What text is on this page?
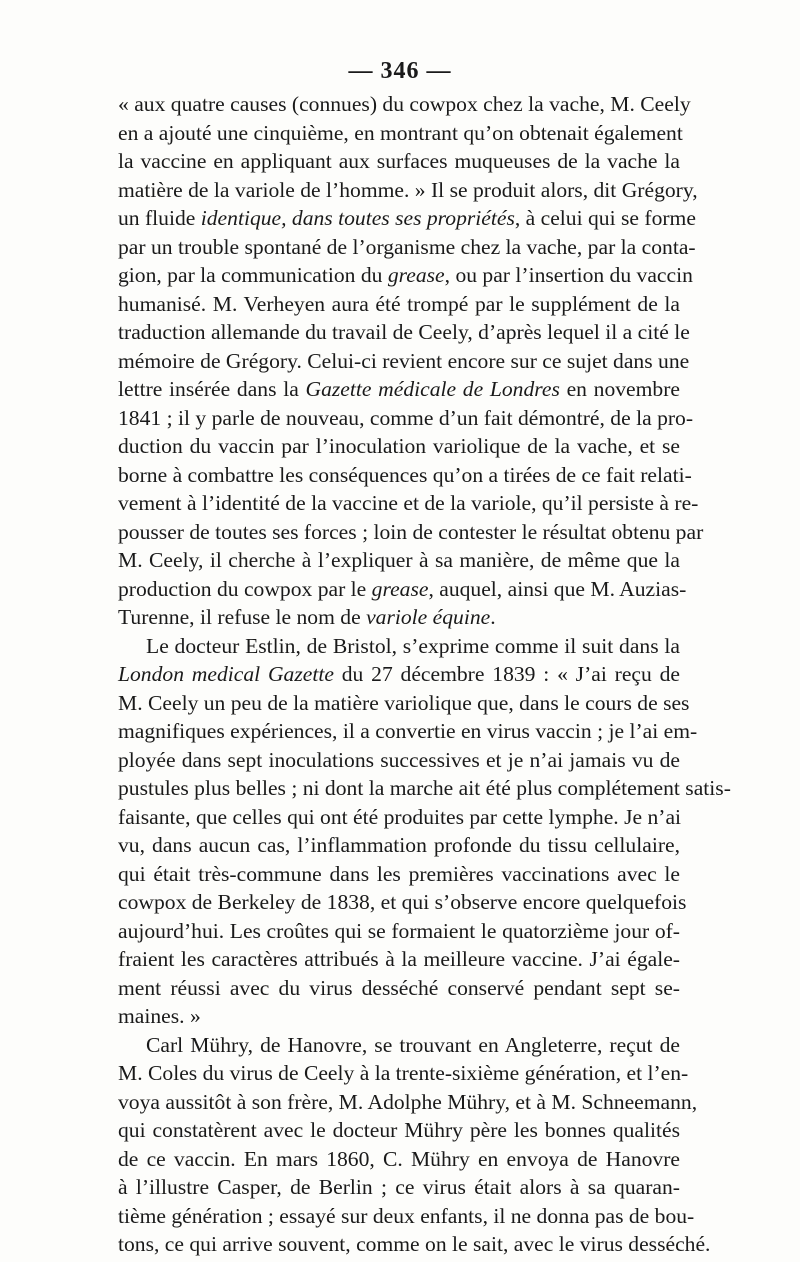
— 346 —
« aux quatre causes (connues) du cowpox chez la vache, M. Ceely
en a ajouté une cinquième, en montrant qu’on obtenait également
la vaccine en appliquant aux surfaces muqueuses de la vache la
matière de la variole de l’homme. » Il se produit alors, dit Grégory,
un fluide identique, dans toutes ses propriétés, à celui qui se forme
par un trouble spontané de l’organisme chez la vache, par la conta-
gion, par la communication du grease, ou par l’insertion du vaccin
humanisé. M. Verheyen aura été trompé par le supplément de la
traduction allemande du travail de Ceely, d’après lequel il a cité le
mémoire de Grégory. Celui-ci revient encore sur ce sujet dans une
lettre insérée dans la Gazette médicale de Londres en novembre
1841 ; il y parle de nouveau, comme d’un fait démontré, de la pro-
duction du vaccin par l’inoculation variolique de la vache, et se
borne à combattre les conséquences qu’on a tirées de ce fait relati-
vement à l’identité de la vaccine et de la variole, qu’il persiste à re-
pousser de toutes ses forces ; loin de contester le résultat obtenu par
M. Ceely, il cherche à l’expliquer à sa manière, de même que la
production du cowpox par le grease, auquel, ainsi que M. Auzias-
Turenne, il refuse le nom de variole équine.
Le docteur Estlin, de Bristol, s’exprime comme il suit dans la
London medical Gazette du 27 décembre 1839 : « J’ai reçu de
M. Ceely un peu de la matière variolique que, dans le cours de ses
magnifiques expériences, il a convertie en virus vaccin ; je l’ai em-
ployée dans sept inoculations successives et je n’ai jamais vu de
pustules plus belles ; ni dont la marche ait été plus complétement satis-
faisante, que celles qui ont été produites par cette lymphe. Je n’ai
vu, dans aucun cas, l’inflammation profonde du tissu cellulaire,
qui était très-commune dans les premières vaccinations avec le
cowpox de Berkeley de 1838, et qui s’observe encore quelquefois
aujourd’hui. Les croûtes qui se formaient le quatorzième jour of-
fraient les caractères attribués à la meilleure vaccine. J’ai égale-
ment réussi avec du virus desséché conservé pendant sept se-
maines. »
Carl Mühry, de Hanovre, se trouvant en Angleterre, reçut de
M. Coles du virus de Ceely à la trente-sixième génération, et l’en-
voya aussitôt à son frère, M. Adolphe Mühry, et à M. Schneemann,
qui constatèrent avec le docteur Mühry père les bonnes qualités
de ce vaccin. En mars 1860, C. Mühry en envoya de Hanovre
à l’illustre Casper, de Berlin ; ce virus était alors à sa quaran-
tième génération ; essayé sur deux enfants, il ne donna pas de bou-
tons, ce qui arrive souvent, comme on le sait, avec le virus desséché.
